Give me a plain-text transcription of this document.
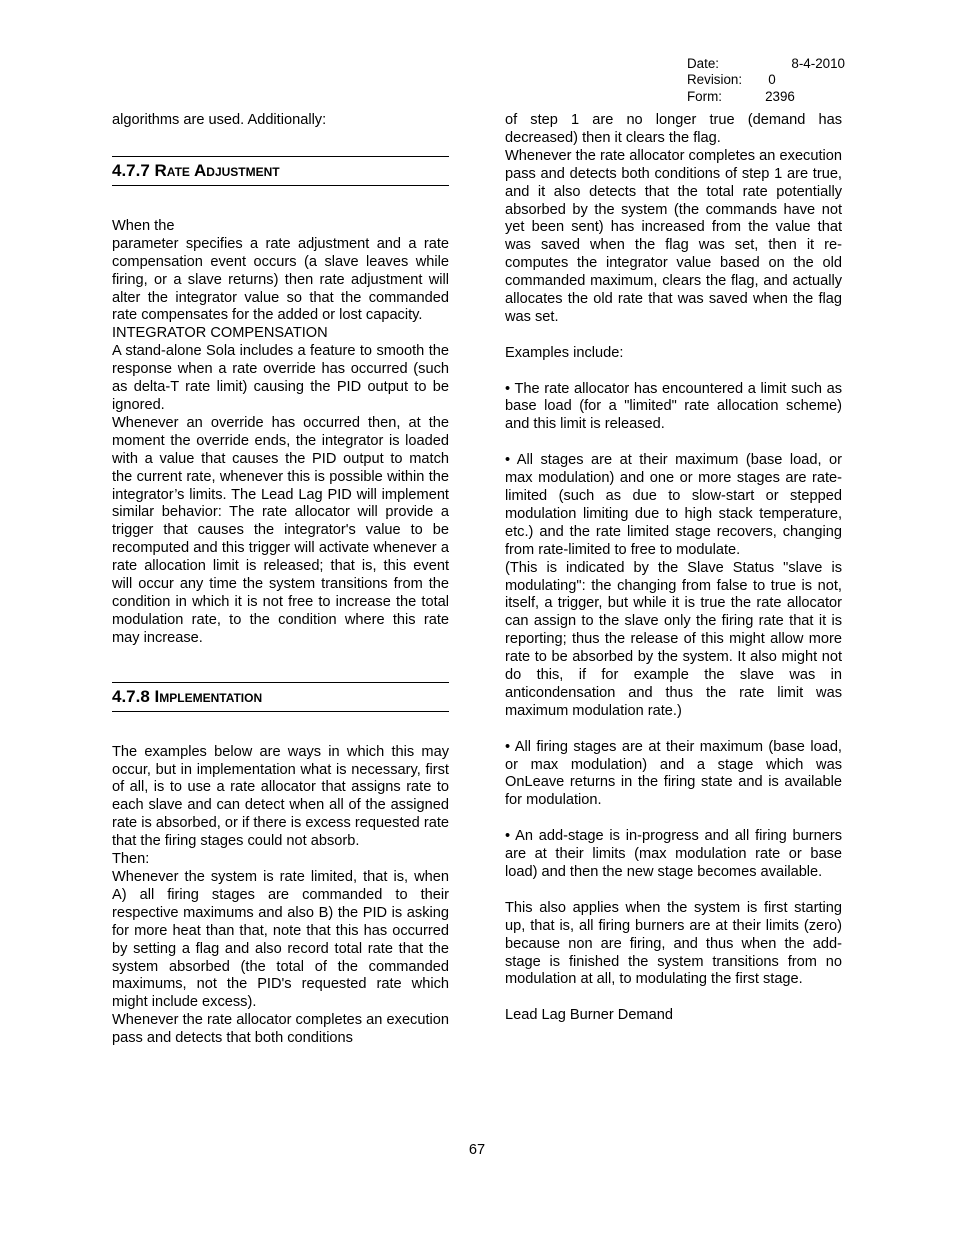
Date:	8-4-2010
Revision:	0
Form:	2396

algorithms are used. Additionally:

4.7.7 Rate Adjustment

When the

parameter specifies a rate adjustment and a rate compensation event occurs (a slave leaves while firing, or a slave returns) then rate adjustment will alter the integrator value so that the commanded rate compensates for the added or lost capacity.

INTEGRATOR COMPENSATION

A stand-alone Sola includes a feature to smooth the response when a rate override has occurred (such as delta-T rate limit) causing the PID output to be ignored.

Whenever an override has occurred then, at the moment the override ends, the integrator is loaded with a value that causes the PID output to match the current rate, whenever this is possible within the integrator’s limits. The Lead Lag PID will implement similar behavior: The rate allocator will provide a trigger that causes the integrator's value to be recomputed and this trigger will activate whenever a rate allocation limit is released; that is, this event will occur any time the system transitions from the condition in which it is not free to increase the total modulation rate, to the condition where this rate may increase.

4.7.8 Implementation

The examples below are ways in which this may occur, but in implementation what is necessary, first of all, is to use a rate allocator that assigns rate to each slave and can detect when all of the assigned rate is absorbed, or if there is excess requested rate that the firing stages could not absorb.

Then:

Whenever the system is rate limited, that is, when A) all firing stages are commanded to their respective maximums and also B) the PID is asking for more heat than that, note that this has occurred by setting a flag and also record total rate that the system absorbed (the total of the commanded maximums, not the PID's requested rate which might include excess).

Whenever the rate allocator completes an execution pass and detects that both conditions

of step 1 are no longer true (demand has decreased) then it clears the flag.

Whenever the rate allocator completes an execution pass and detects both conditions of step 1 are true, and it also detects that the total rate potentially absorbed by the system (the commands have not yet been sent) has increased from the value that was saved when the flag was set, then it re-computes the integrator value based on the old commanded maximum, clears the flag, and actually allocates the old rate that was saved when the flag was set.

Examples include:

• The rate allocator has encountered a limit such as base load (for a "limited" rate allocation scheme) and this limit is released.

• All stages are at their maximum (base load, or max modulation) and one or more stages are rate-limited (such as due to slow-start or stepped modulation limiting due to high stack temperature, etc.) and the rate limited stage recovers, changing from rate-limited to free to modulate.

(This is indicated by the Slave Status "slave is modulating": the changing from false to true is not, itself, a trigger, but while it is true the rate allocator can assign to the slave only the firing rate that it is reporting; thus the release of this might allow more rate to be absorbed by the system. It also might not do this, if for example the slave was in anticondensation and thus the rate limit was maximum modulation rate.)

• All firing stages are at their maximum (base load, or max modulation) and a stage which was OnLeave returns in the firing state and is available for modulation.

• An add-stage is in-progress and all firing burners are at their limits (max modulation rate or base load) and then the new stage becomes available.

This also applies when the system is first starting up, that is, all firing burners are at their limits (zero) because non are firing, and thus when the add-stage is finished the system transitions from no modulation at all, to modulating the first stage.

Lead Lag Burner Demand

67
